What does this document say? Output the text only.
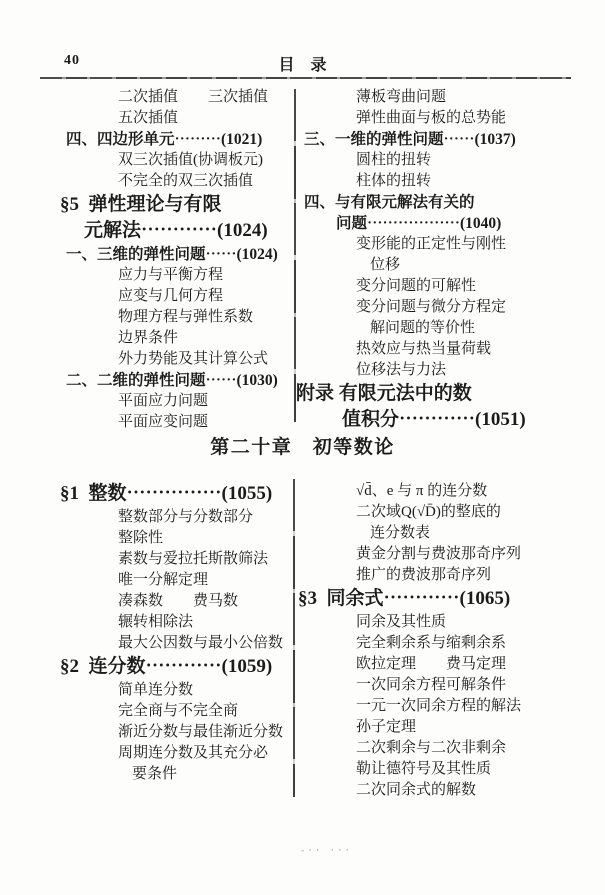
40	目　录
二次插值　　三次插值
五次插值
四、四边形单元⋯⋯⋯(1021)
双三次插值(协调板元)
不完全的双三次插值
§5  弹性理论与有限
元解法⋯⋯⋯⋯(1024)
一、三维的弹性问题⋯⋯(1024)
应力与平衡方程
应变与几何方程
物理方程与弹性系数
边界条件
外力势能及其计算公式
二、二维的弹性问题⋯⋯(1030)
平面应力问题
平面应变问题
薄板弯曲问题
弹性曲面与板的总势能
三、一维的弹性问题⋯⋯(1037)
圆柱的扭转
柱体的扭转
四、与有限元解法有关的
问题⋯⋯⋯⋯⋯⋯(1040)
变形能的正定性与刚性
位移
变分问题的可解性
变分问题与微分方程定
解问题的等价性
热效应与热当量荷载
位移法与力法
附录 有限元法中的数
值积分⋯⋯⋯⋯(1051)
第二十章　初等数论
§1  整数⋯⋯⋯⋯⋯(1055)
整数部分与分数部分
整除性
素数与爱拉托斯散筛法
唯一分解定理
凑森数　　费马数
辗转相除法
最大公因数与最小公倍数
§2  连分数⋯⋯⋯⋯(1059)
简单连分数
完全商与不完全商
渐近分数与最佳渐近分数
周期连分数及其充分必
要条件
√d̄、e 与 π 的连分数
二次域Q(√D̄)的整底的
连分数表
黄金分割与费波那奇序列
推广的费波那奇序列
§3  同余式⋯⋯⋯⋯(1065)
同余及其性质
完全剩余系与缩剩余系
欧拉定理　　费马定理
一次同余方程可解条件
一元一次同余方程的解法
孙子定理
二次剩余与二次非剩余
勒让德符号及其性质
二次同余式的解数
-·· ···
